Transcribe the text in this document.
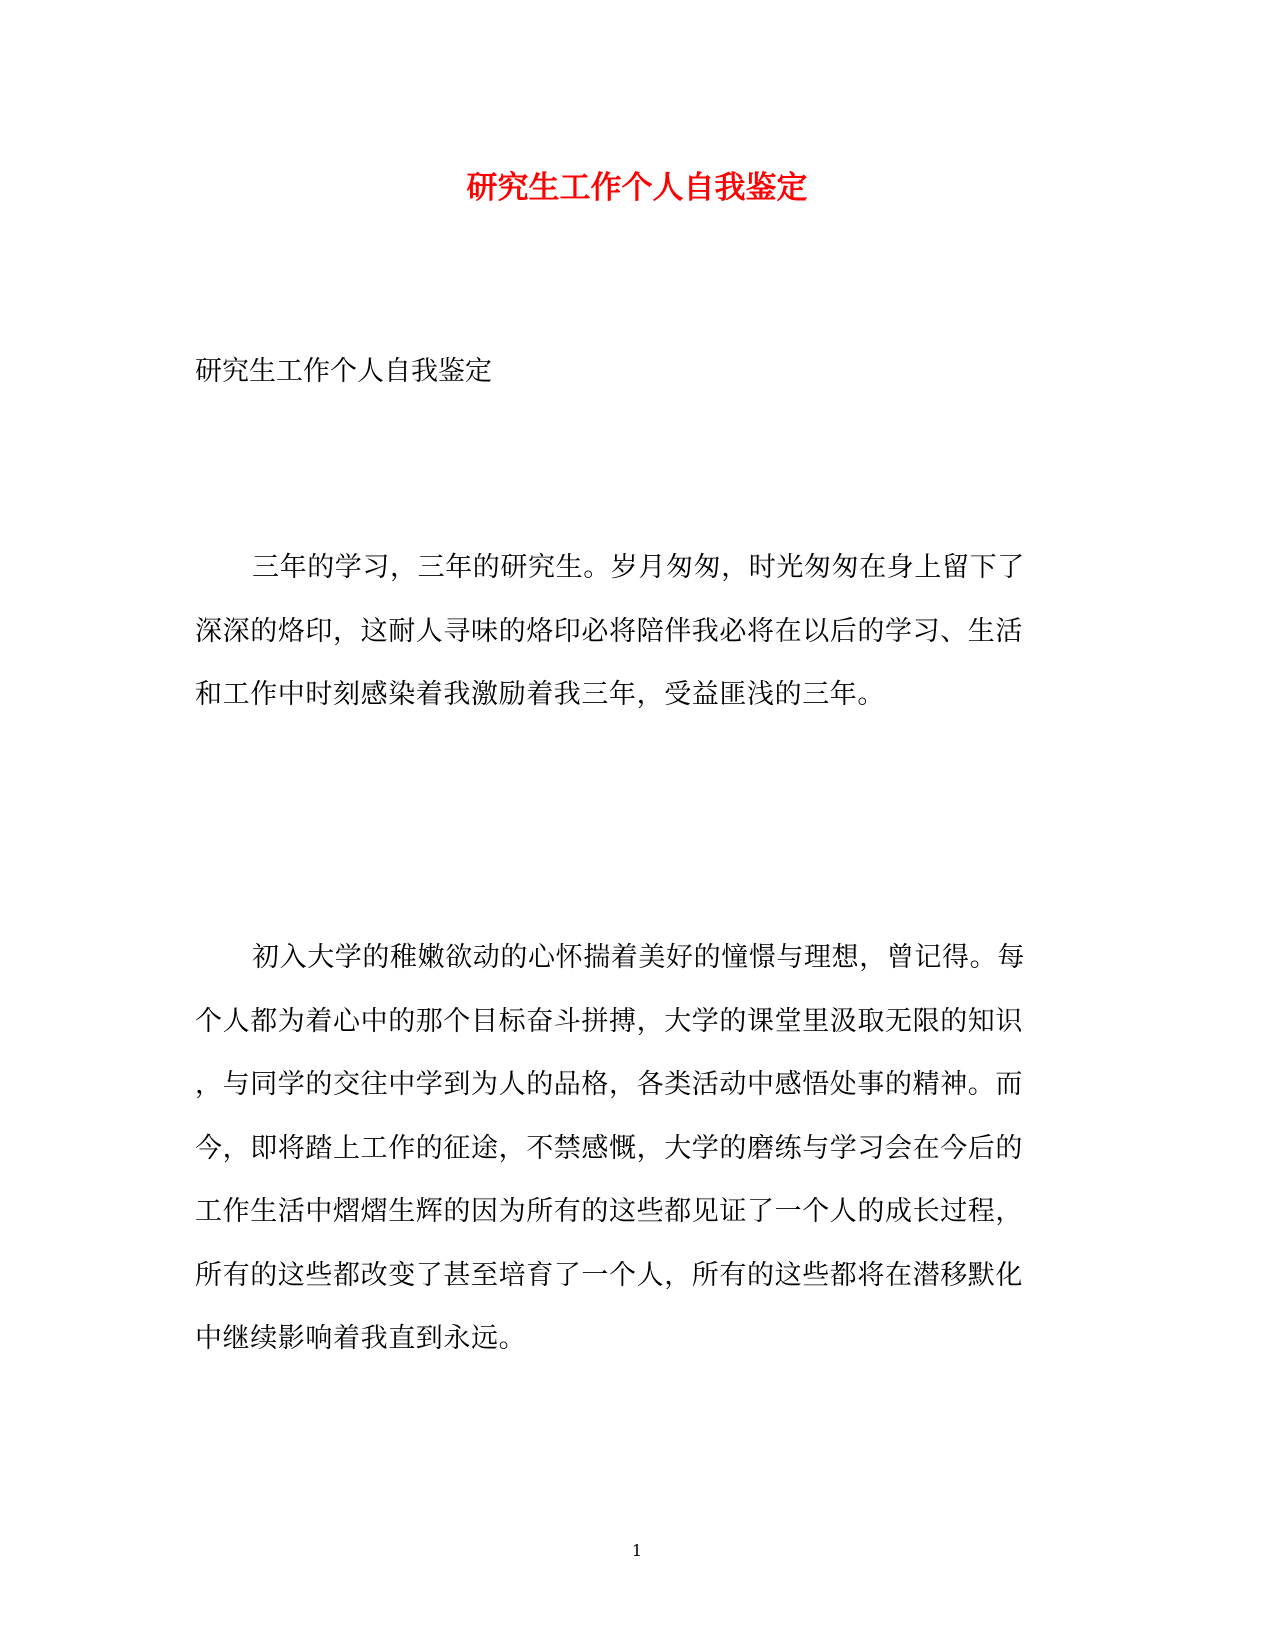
研究生工作个人自我鉴定

研究生工作个人自我鉴定

三年的学习，三年的研究生。岁月匆匆，时光匆匆在身上留下了
深深的烙印，这耐人寻味的烙印必将陪伴我必将在以后的学习、生活
和工作中时刻感染着我激励着我三年，受益匪浅的三年。
初入大学的稚嫩欲动的心怀揣着美好的憧憬与理想，曾记得。每
个人都为着心中的那个目标奋斗拼搏，大学的课堂里汲取无限的知识
，与同学的交往中学到为人的品格，各类活动中感悟处事的精神。而
今，即将踏上工作的征途，不禁感慨，大学的磨练与学习会在今后的
工作生活中熠熠生辉的因为所有的这些都见证了一个人的成长过程，
所有的这些都改变了甚至培育了一个人，所有的这些都将在潜移默化
中继续影响着我直到永远。

1
